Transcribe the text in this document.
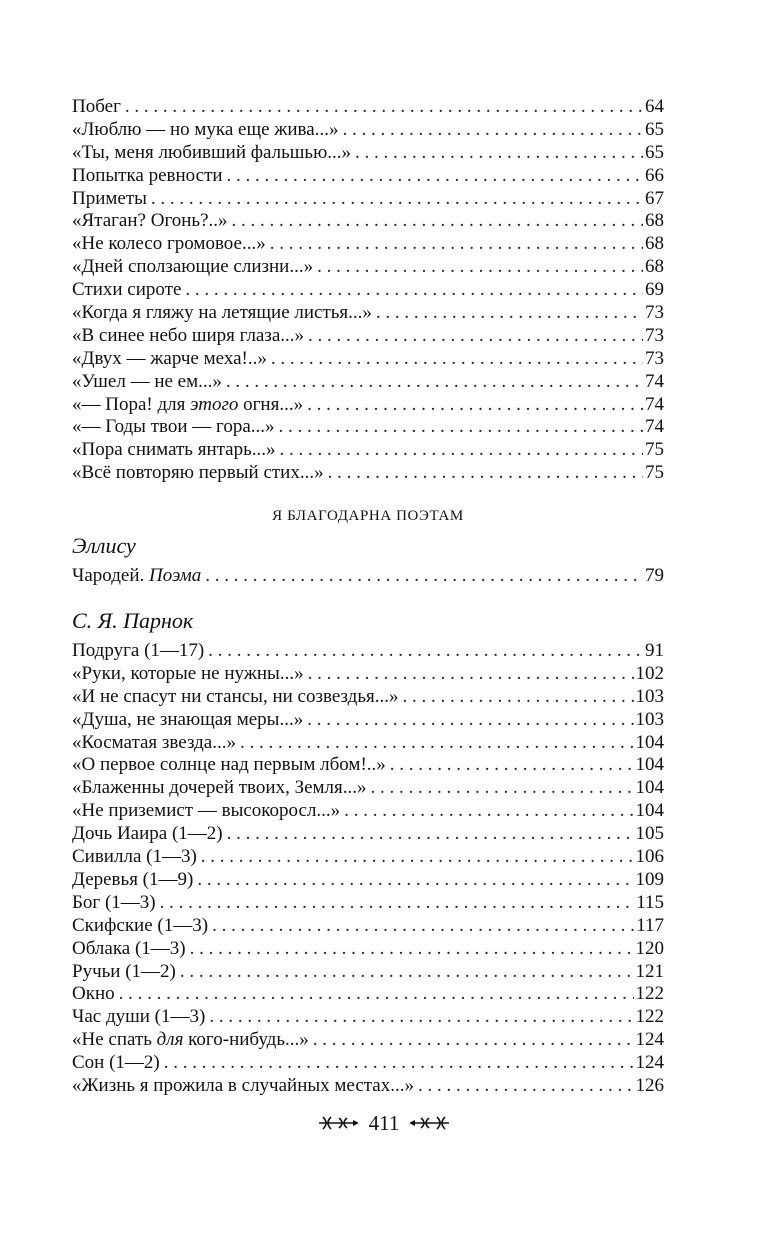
Побег . . .	64
«Люблю — но мука еще жива...» . . .	65
«Ты, меня любивший фальшью...» . . .	65
Попытка ревности . . .	66
Приметы . . .	67
«Ятаган? Огонь?..» . . .	68
«Не колесо громовое...» . . .	68
«Дней сползающие слизни...» . . .	68
Стихи сироте . . .	69
«Когда я гляжу на летящие листья...» . . .	73
«В синее небо ширя глаза...» . . .	73
«Двух — жарче меха!..» . . .	73
«Ушел — не ем...» . . .	74
«— Пора! для этого огня...» . . .	74
«— Годы твои — гора...» . . .	74
«Пора снимать янтарь...» . . .	75
«Всё повторяю первый стих...» . . .	75
Я БЛАГОДАРНА ПОЭТАМ
Эллису
Чародей. Поэма . . .	79
С. Я. Парнок
Подруга (1—17) . . .	91
«Руки, которые не нужны...» . . .	102
«И не спасут ни стансы, ни созвездья...» . . .	103
«Душа, не знающая меры...» . . .	103
«Косматая звезда...» . . .	104
«О первое солнце над первым лбом!..» . . .	104
«Блаженны дочерей твоих, Земля...» . . .	104
«Не приземист — высокоросл...» . . .	104
Дочь Иаира (1—2) . . .	105
Сивилла (1—3) . . .	106
Деревья (1—9) . . .	109
Бог (1—3) . . .	115
Скифские (1—3) . . .	117
Облака (1—3) . . .	120
Ручьи (1—2) . . .	121
Окно . . .	122
Час души (1—3) . . .	122
«Не спать для кого-нибудь...» . . .	124
Сон (1—2) . . .	124
«Жизнь я прожила в случайных местах...» . . .	126
411
